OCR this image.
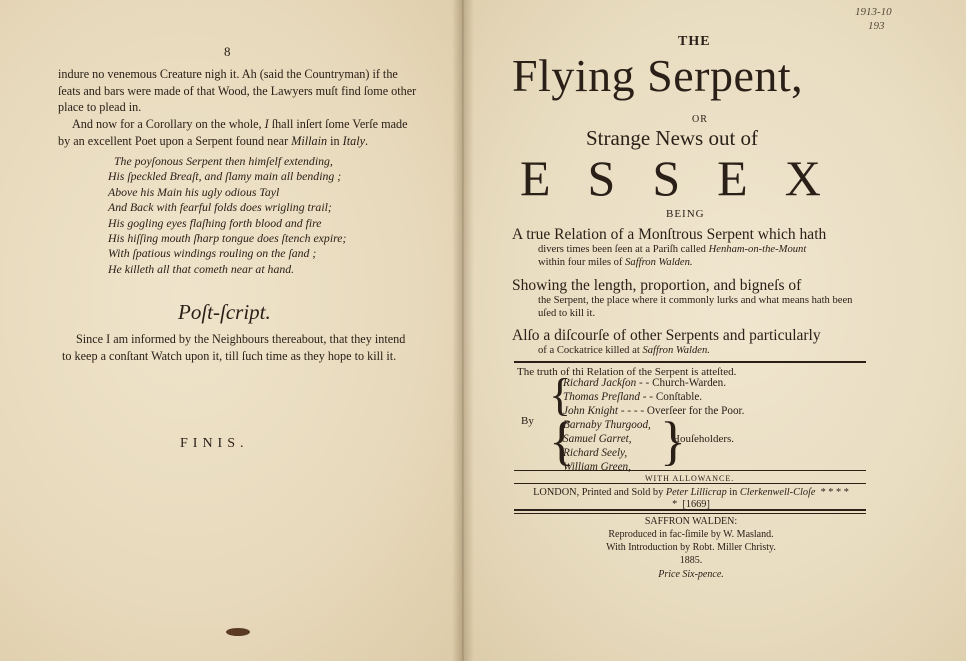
8
indure no venemous Creature nigh it. Ah (said the Countryman) if the ſeats and bars were made of that Wood, the Lawyers muſt find ſome other place to plead in.
And now for a Corollary on the whole, I ſhall inſert ſome Verſe made by an excellent Poet upon a Serpent found near Millain in Italy.
The poyſonous Serpent then himſelf extending,
His ſpeckled Breaſt, and ſlamy main all bending ;
Above his Main his ugly odious Tayl
And Back with fearful folds does wrigling trail;
His gogling eyes flaſhing forth blood and fire
His hiſſing mouth ſharp tongue does ſtench expire;
With ſpatious windings rouling on the ſand ;
He killeth all that cometh near at hand.
Poſt-ſcript.
Since I am informed by the Neighbours thereabout, that they intend to keep a conſtant Watch upon it, till ſuch time as they hope to kill it.
FINIS.
1913-10
193
THE
Flying Serpent,
OR
Strange News out of
ESSEX
BEING
A true Relation of a Monſtrous Serpent which hath
divers times been ſeen at a Pariſh called Henham-on-the-Mount
within four miles of Saffron Walden.
Showing the length, proportion, and bigneſs of
the Serpent, the place where it commonly lurks and what means hath been uſed to kill it.
Alſo a diſcourſe of other Serpents and particularly
of a Cockatrice killed at Saffron Walden.
The truth of thi Relation of the Serpent is atteſted.
{
Richard Jackſon - - Church-Warden.
Thomas Preſland - - Conſtable.
John Knight - - - - Overſeer for the Poor.
By {
Barnaby Thurgood,
Samuel Garret,
Richard Seely,
William Green, }
Houſeholders.
WITH ALLOWANCE.
LONDON, Printed and Sold by Peter Lillicrap in Clerkenwell-Cloſe * * * * * [1669]
SAFFRON WALDEN:
Reproduced in fac-ſimile by W. Masland.
With Introduction by Robt. Miller Christy.
1885.
Price Six-pence.
